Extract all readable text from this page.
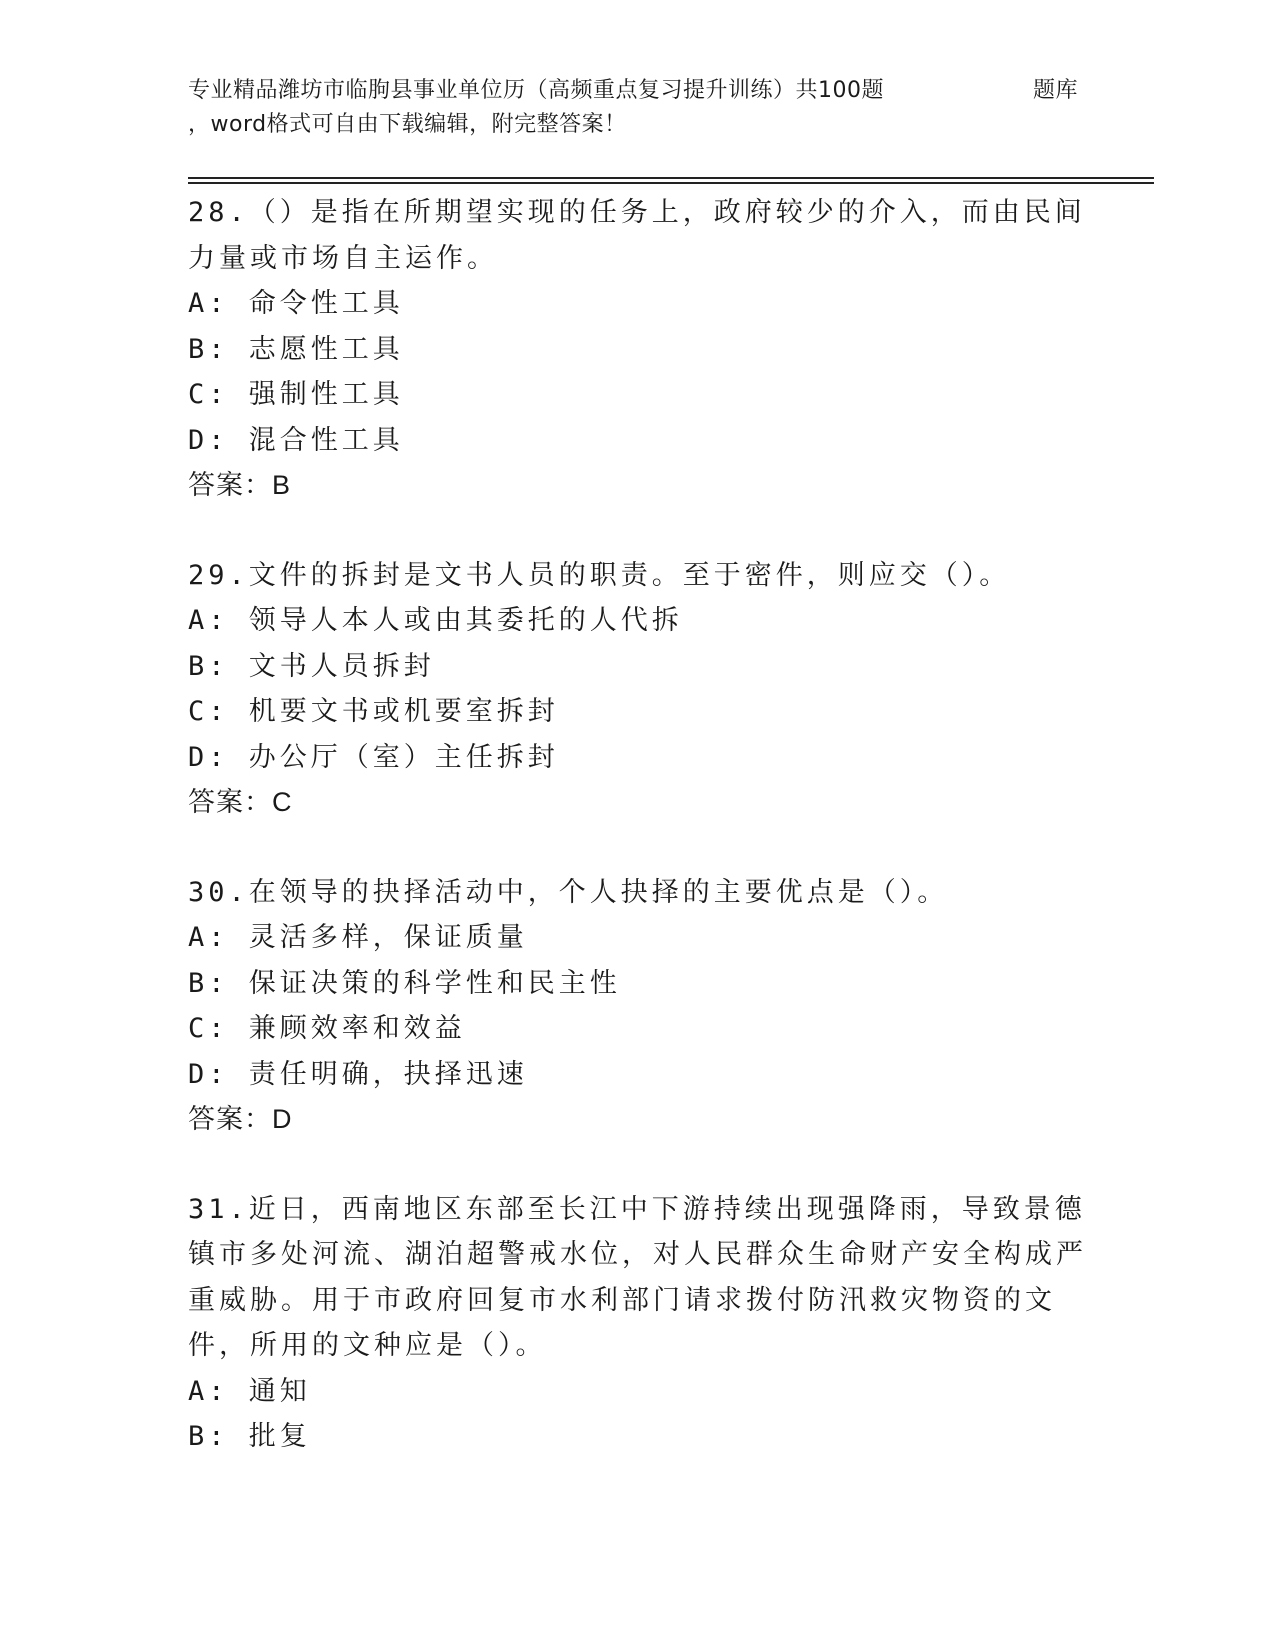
专业精品潍坊市临朐县事业单位历（高频重点复习提升训练）共100题	题库
，word格式可自由下载编辑，附完整答案！
28.（）是指在所期望实现的任务上，政府较少的介入，而由民间力量或市场自主运作。
A: 命令性工具
B: 志愿性工具
C: 强制性工具
D: 混合性工具
答案：B
29.文件的拆封是文书人员的职责。至于密件，则应交（）。
A: 领导人本人或由其委托的人代拆
B: 文书人员拆封
C: 机要文书或机要室拆封
D: 办公厅（室）主任拆封
答案：C
30.在领导的抉择活动中，个人抉择的主要优点是（）。
A: 灵活多样，保证质量
B: 保证决策的科学性和民主性
C: 兼顾效率和效益
D: 责任明确，抉择迅速
答案：D
31.近日，西南地区东部至长江中下游持续出现强降雨，导致景德镇市多处河流、湖泊超警戒水位，对人民群众生命财产安全构成严重威胁。用于市政府回复市水利部门请求拨付防汛救灾物资的文件，所用的文种应是（）。
A: 通知
B: 批复
